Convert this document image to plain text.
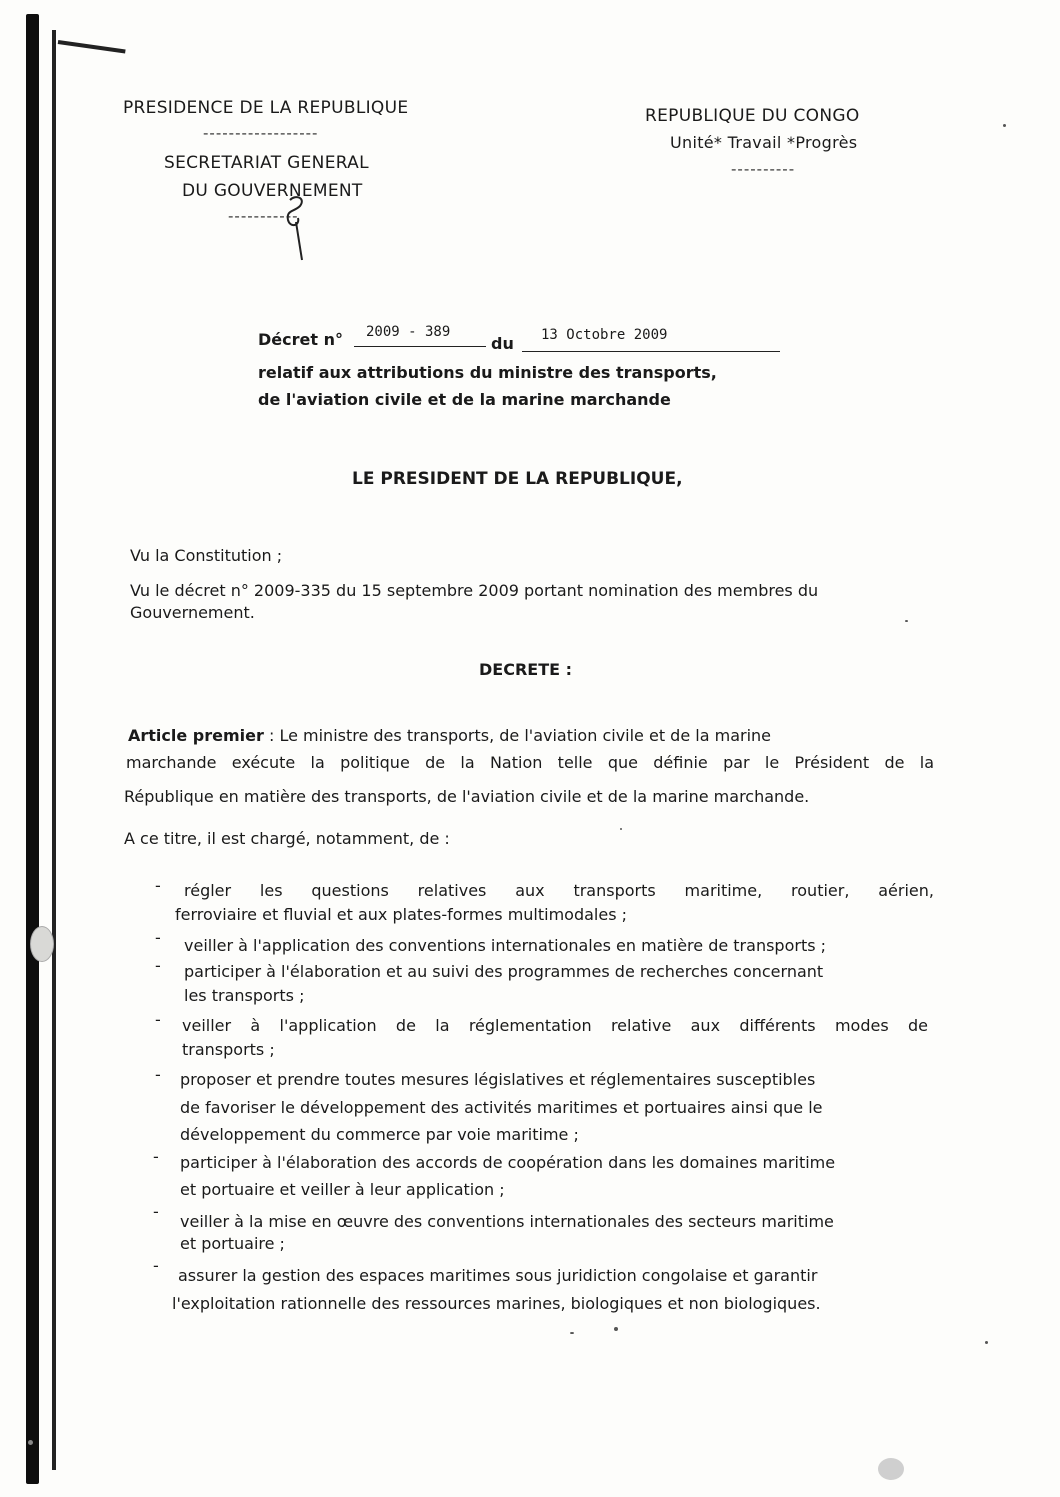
PRESIDENCE DE LA REPUBLIQUE
------------------
SECRETARIAT GENERAL
DU GOUVERNEMENT
-----------
REPUBLIQUE DU CONGO
Unité* Travail *Progrès
----------
Décret n° 2009 - 389
du 13 Octobre 2009
relatif aux attributions du ministre des transports,
de l'aviation civile et de la marine marchande
LE PRESIDENT DE LA REPUBLIQUE,
Vu la Constitution ;
Vu le décret n° 2009-335 du 15 septembre 2009 portant nomination des membres du
Gouvernement.
DECRETE :
Article premier : Le ministre des transports, de l'aviation civile et de la marine
marchande exécute la politique de la Nation telle que définie par le Président de la
République en matière des transports, de l'aviation civile et de la marine marchande.
A ce titre, il est chargé, notamment, de :
- régler les questions relatives aux transports maritime, routier, aérien,
ferroviaire et fluvial et aux plates-formes multimodales ;
- veiller à l'application des conventions internationales en matière de transports ;
- participer à l'élaboration et au suivi des programmes de recherches concernant
les transports ;
- veiller à l'application de la réglementation relative aux différents modes de
transports ;
- proposer et prendre toutes mesures législatives et réglementaires susceptibles
de favoriser le développement des activités maritimes et portuaires ainsi que le
développement du commerce par voie maritime ;
- participer à l'élaboration des accords de coopération dans les domaines maritime
et portuaire et veiller à leur application ;
-
veiller à la mise en œuvre des conventions internationales des secteurs maritime
et portuaire ;
-
assurer la gestion des espaces maritimes sous juridiction congolaise et garantir
l'exploitation rationnelle des ressources marines, biologiques et non biologiques.
